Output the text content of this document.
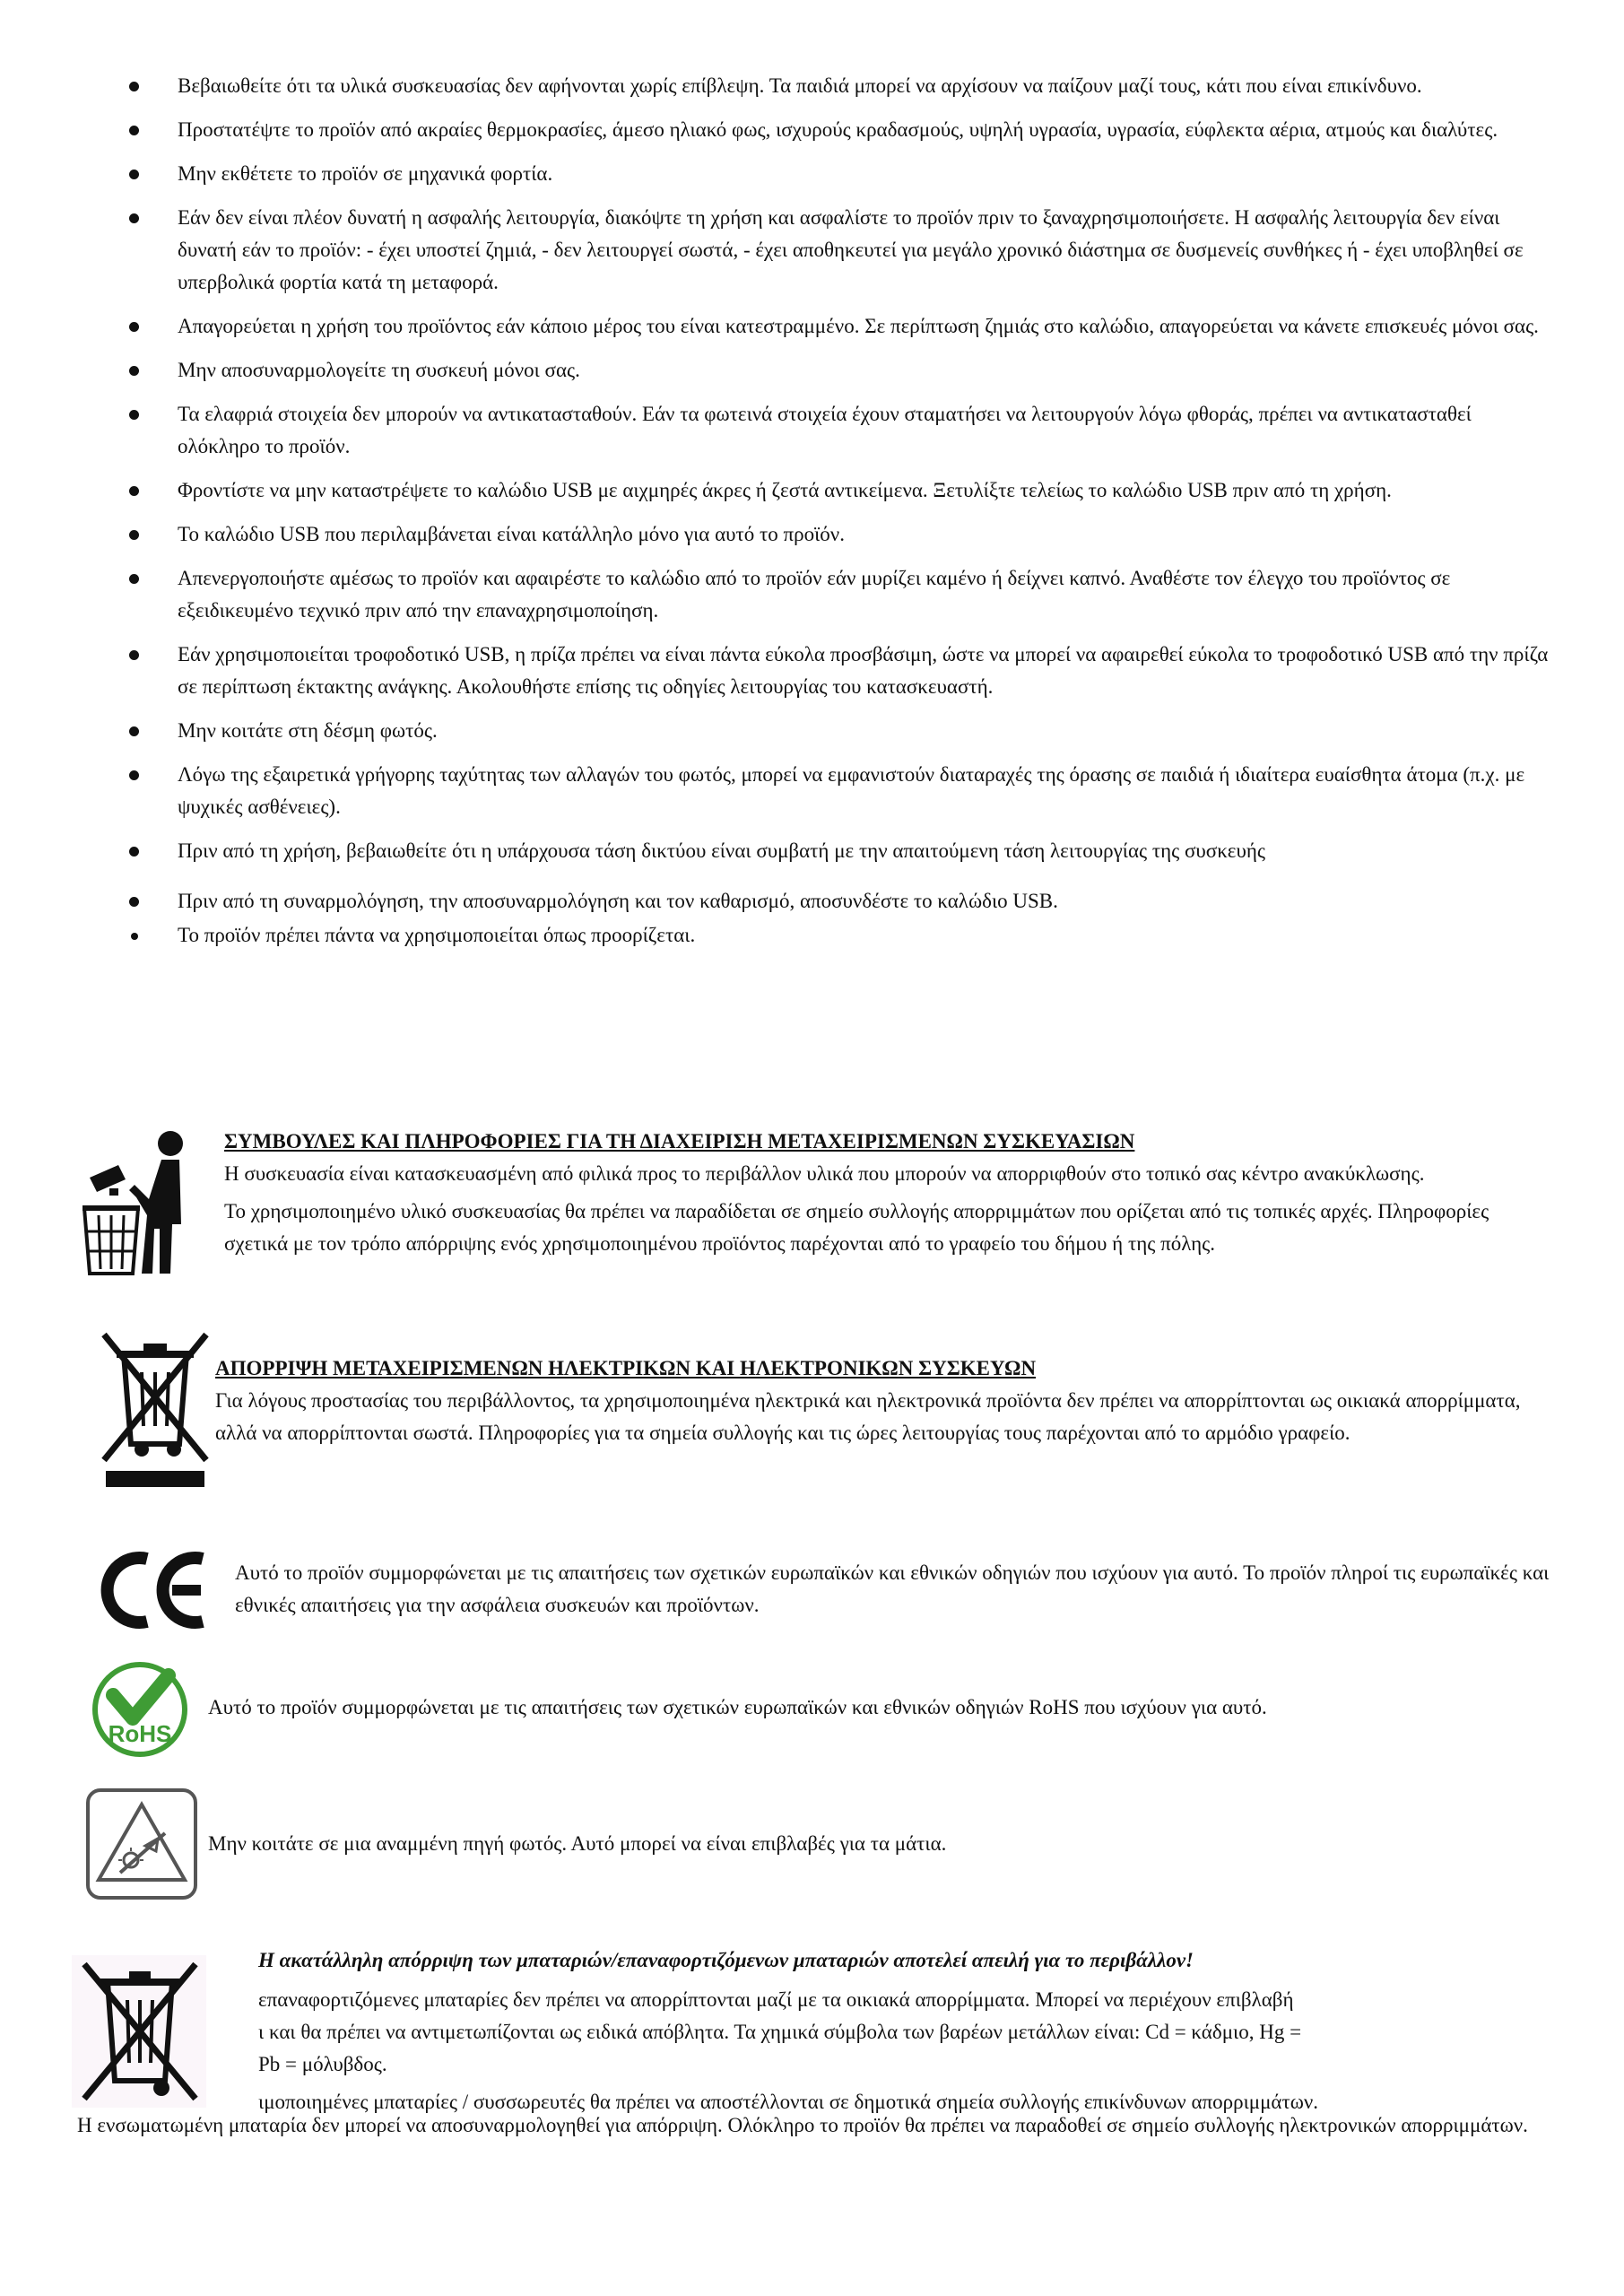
Βεβαιωθείτε ότι τα υλικά συσκευασίας δεν αφήνονται χωρίς επίβλεψη. Τα παιδιά μπορεί να αρχίσουν να παίζουν μαζί τους, κάτι που είναι επικίνδυνο.
Προστατέψτε το προϊόν από ακραίες θερμοκρασίες, άμεσο ηλιακό φως, ισχυρούς κραδασμούς, υψηλή υγρασία, υγρασία, εύφλεκτα αέρια, ατμούς και διαλύτες.
Μην εκθέτετε το προϊόν σε μηχανικά φορτία.
Εάν δεν είναι πλέον δυνατή η ασφαλής λειτουργία, διακόψτε τη χρήση και ασφαλίστε το προϊόν πριν το ξαναχρησιμοποιήσετε. Η ασφαλής λειτουργία δεν είναι δυνατή εάν το προϊόν: - έχει υποστεί ζημιά, - δεν λειτουργεί σωστά, - έχει αποθηκευτεί για μεγάλο χρονικό διάστημα σε δυσμενείς συνθήκες ή - έχει υποβληθεί σε υπερβολικά φορτία κατά τη μεταφορά.
Απαγορεύεται η χρήση του προϊόντος εάν κάποιο μέρος του είναι κατεστραμμένο. Σε περίπτωση ζημιάς στο καλώδιο, απαγορεύεται να κάνετε επισκευές μόνοι σας.
Μην αποσυναρμολογείτε τη συσκευή μόνοι σας.
Τα ελαφριά στοιχεία δεν μπορούν να αντικατασταθούν. Εάν τα φωτεινά στοιχεία έχουν σταματήσει να λειτουργούν λόγω φθοράς, πρέπει να αντικατασταθεί ολόκληρο το προϊόν.
Φροντίστε να μην καταστρέψετε το καλώδιο USB με αιχμηρές άκρες ή ζεστά αντικείμενα. Ξετυλίξτε τελείως το καλώδιο USB πριν από τη χρήση.
Το καλώδιο USB που περιλαμβάνεται είναι κατάλληλο μόνο για αυτό το προϊόν.
Απενεργοποιήστε αμέσως το προϊόν και αφαιρέστε το καλώδιο από το προϊόν εάν μυρίζει καμένο ή δείχνει καπνό. Αναθέστε τον έλεγχο του προϊόντος σε εξειδικευμένο τεχνικό πριν από την επαναχρησιμοποίηση.
Εάν χρησιμοποιείται τροφοδοτικό USB, η πρίζα πρέπει να είναι πάντα εύκολα προσβάσιμη, ώστε να μπορεί να αφαιρεθεί εύκολα το τροφοδοτικό USB από την πρίζα σε περίπτωση έκτακτης ανάγκης. Ακολουθήστε επίσης τις οδηγίες λειτουργίας του κατασκευαστή.
Μην κοιτάτε στη δέσμη φωτός.
Λόγω της εξαιρετικά γρήγορης ταχύτητας των αλλαγών του φωτός, μπορεί να εμφανιστούν διαταραχές της όρασης σε παιδιά ή ιδιαίτερα ευαίσθητα άτομα (π.χ. με ψυχικές ασθένειες).
Πριν από τη χρήση, βεβαιωθείτε ότι η υπάρχουσα τάση δικτύου είναι συμβατή με την απαιτούμενη τάση λειτουργίας της συσκευής
Πριν από τη συναρμολόγηση, την αποσυναρμολόγηση και τον καθαρισμό, αποσυνδέστε το καλώδιο USB.
Το προϊόν πρέπει πάντα να χρησιμοποιείται όπως προορίζεται.
ΣΥΜΒΟΥΛΕΣ ΚΑΙ ΠΛΗΡΟΦΟΡΙΕΣ ΓΙΑ ΤΗ ΔΙΑΧΕΙΡΙΣΗ ΜΕΤΑΧΕΙΡΙΣΜΕΝΩΝ ΣΥΣΚΕΥΑΣΙΩΝ

Η συσκευασία είναι κατασκευασμένη από φιλικά προς το περιβάλλον υλικά που μπορούν να απορριφθούν στο τοπικό σας κέντρο ανακύκλωσης.

Το χρησιμοποιημένο υλικό συσκευασίας θα πρέπει να παραδίδεται σε σημείο συλλογής απορριμμάτων που ορίζεται από τις τοπικές αρχές. Πληροφορίες σχετικά με τον τρόπο απόρριψης ενός χρησιμοποιημένου προϊόντος παρέχονται από το γραφείο του δήμου ή της πόλης.

ΑΠΟΡΡΙΨΗ ΜΕΤΑΧΕΙΡΙΣΜΕΝΩΝ ΗΛΕΚΤΡΙΚΩΝ ΚΑΙ ΗΛΕΚΤΡΟΝΙΚΩΝ ΣΥΣΚΕΥΩΝ

Για λόγους προστασίας του περιβάλλοντος, τα χρησιμοποιημένα ηλεκτρικά και ηλεκτρονικά προϊόντα δεν πρέπει να απορρίπτονται ως οικιακά απορρίμματα, αλλά να απορρίπτονται σωστά. Πληροφορίες για τα σημεία συλλογής και τις ώρες λειτουργίας τους παρέχονται από το αρμόδιο γραφείο.

Αυτό το προϊόν συμμορφώνεται με τις απαιτήσεις των σχετικών ευρωπαϊκών και εθνικών οδηγιών που ισχύουν για αυτό. Το προϊόν πληροί τις ευρωπαϊκές και εθνικές απαιτήσεις για την ασφάλεια συσκευών και προϊόντων.

RoHS

Αυτό το προϊόν συμμορφώνεται με τις απαιτήσεις των σχετικών ευρωπαϊκών και εθνικών οδηγιών RoHS που ισχύουν για αυτό.

Μην κοιτάτε σε μια αναμμένη πηγή φωτός. Αυτό μπορεί να είναι επιβλαβές για τα μάτια.

Η ακατάλληλη απόρριψη των μπαταριών/επαναφορτιζόμενων μπαταριών αποτελεί απειλή για το περιβάλλον!
επαναφορτιζόμενες μπαταρίες δεν πρέπει να απορρίπτονται μαζί με τα οικιακά απορρίμματα. Μπορεί να περιέχουν επιβλαβή
ι και θα πρέπει να αντιμετωπίζονται ως ειδικά απόβλητα. Τα χημικά σύμβολα των βαρέων μετάλλων είναι: Cd = κάδμιο, Hg =
Pb = μόλυβδος.
ιμοποιημένες μπαταρίες / συσσωρευτές θα πρέπει να αποστέλλονται σε δημοτικά σημεία συλλογής επικίνδυνων απορριμμάτων.

Η ενσωματωμένη μπαταρία δεν μπορεί να αποσυναρμολογηθεί για απόρριψη. Ολόκληρο το προϊόν θα πρέπει να παραδοθεί σε σημείο συλλογής ηλεκτρονικών απορριμμάτων.
